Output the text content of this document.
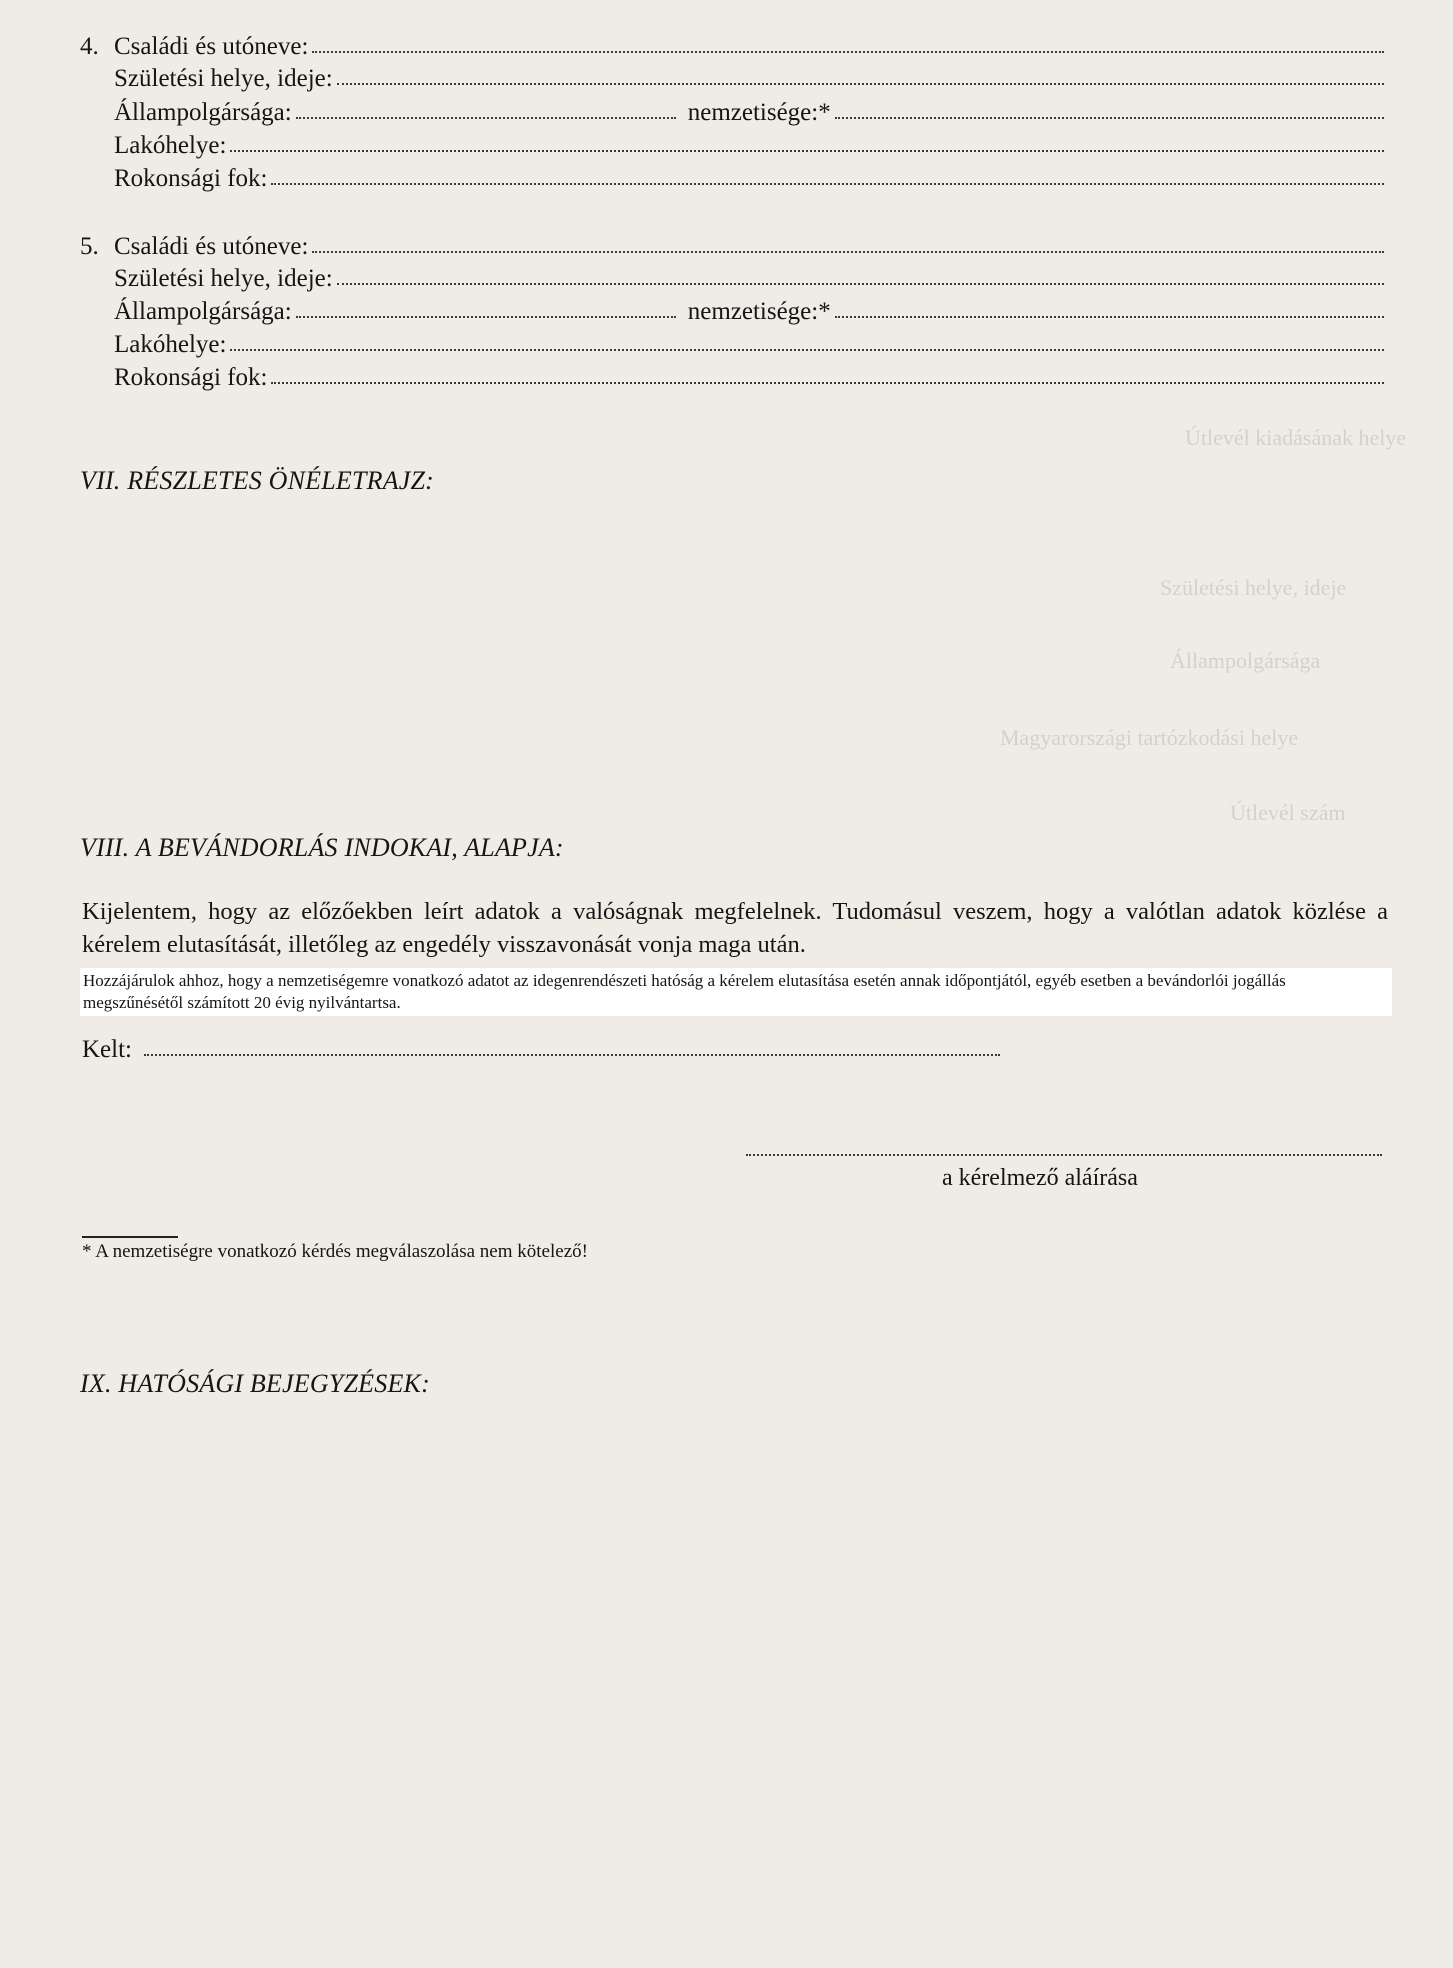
Útlevél kiadásának helye
Születési helye, ideje
Állampolgársága
Magyarországi tartózkodási helye
Útlevél szám
4. Családi és utóneve:
Születési helye, ideje:
Állampolgársága:	nemzetisége:*
Lakóhelye:
Rokonsági fok:
5. Családi és utóneve:
Születési helye, ideje:
Állampolgársága:	nemzetisége:*
Lakóhelye:
Rokonsági fok:
VII. RÉSZLETES ÖNÉLETRAJZ:
VIII. A BEVÁNDORLÁS INDOKAI, ALAPJA:
Kijelentem, hogy az előzőekben leírt adatok a valóságnak megfelelnek. Tudomásul veszem, hogy a valótlan adatok közlése a kérelem elutasítását, illetőleg az engedély visszavonását vonja maga után.
Hozzájárulok ahhoz, hogy a nemzetiségemre vonatkozó adatot az idegenrendészeti hatóság a kérelem elutasítása esetén annak időpontjától, egyéb esetben a bevándorlói jogállás megszűnésétől számított 20 évig nyilvántartsa.
Kelt:
a kérelmező aláírása
* A nemzetiségre vonatkozó kérdés megválaszolása nem kötelező!
IX. HATÓSÁGI BEJEGYZÉSEK:
